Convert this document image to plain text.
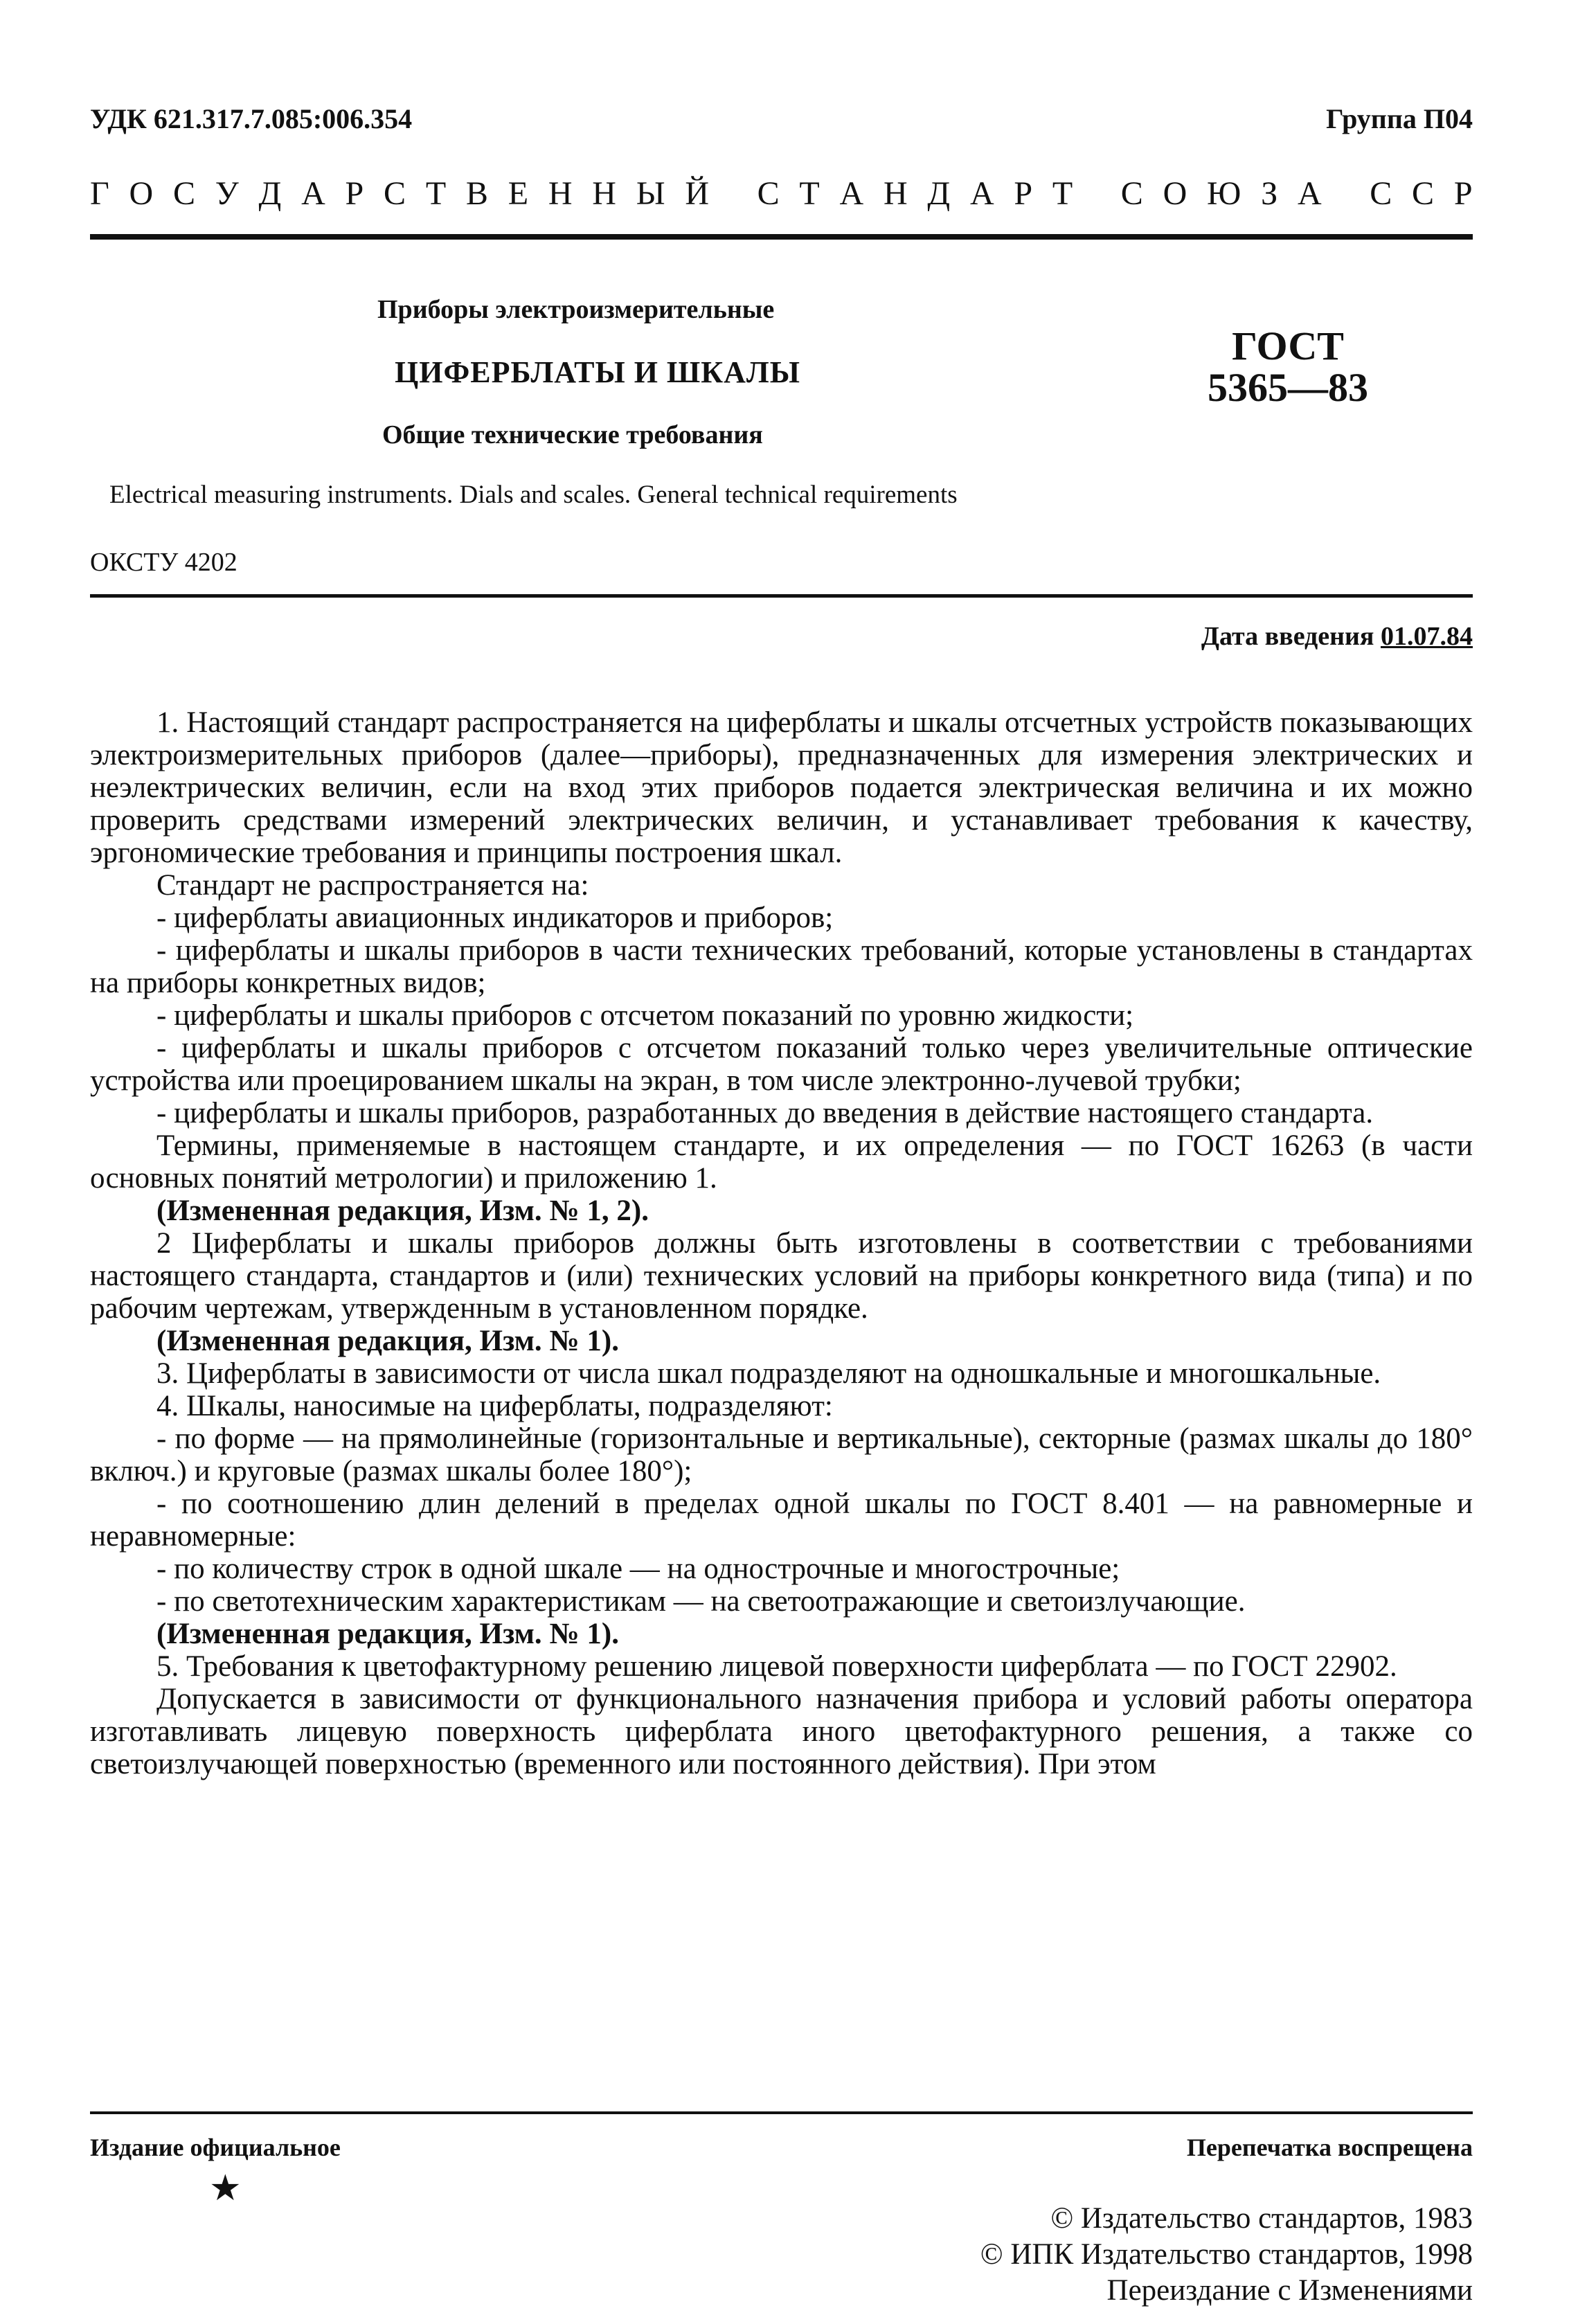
УДК 621.317.7.085:006.354	Группа П04
Г О С У Д А Р С Т В Е Н Н Ы Й
С Т А Н Д А Р Т
С О Ю З А
С С Р
Приборы электроизмерительные
ЦИФЕРБЛАТЫ И ШКАЛЫ
Общие технические требования
ГОСТ
5365—83
Electrical measuring instruments. Dials and scales. General technical requirements
ОКСТУ 4202
Дата введения 01.07.84

1. Настоящий стандарт распространяется на циферблаты и шкалы отсчетных устройств показывающих электроизмерительных приборов (далее—приборы), предназначенных для измерения электрических и неэлектрических величин, если на вход этих приборов подается электрическая величина и их можно проверить средствами измерений электрических величин, и устанавливает требования к качеству, эргономические требования и принципы построения шкал.

Стандарт не распространяется на:

- циферблаты авиационных индикаторов и приборов;

- циферблаты и шкалы приборов в части технических требований, которые установлены в стандартах на приборы конкретных видов;

- циферблаты и шкалы приборов с отсчетом показаний по уровню жидкости;

- циферблаты и шкалы приборов с отсчетом показаний только через увеличительные оптические устройства или проецированием шкалы на экран, в том числе электронно-лучевой трубки;

- циферблаты и шкалы приборов, разработанных до введения в действие настоящего стандарта.

Термины, применяемые в настоящем стандарте, и их определения — по ГОСТ 16263 (в части основных понятий метрологии) и приложению 1.

(Измененная редакция, Изм. № 1, 2).

2 Циферблаты и шкалы приборов должны быть изготовлены в соответствии с требованиями настоящего стандарта, стандартов и (или) технических условий на приборы конкретного вида (типа) и по рабочим чертежам, утвержденным в установленном порядке.

(Измененная редакция, Изм. № 1).

3. Циферблаты в зависимости от числа шкал подразделяют на одношкальные и многошкальные.

4. Шкалы, наносимые на циферблаты, подразделяют:

- по форме — на прямолинейные (горизонтальные и вертикальные), секторные (размах шкалы до 180° включ.) и круговые (размах шкалы более 180°);

- по соотношению длин делений в пределах одной шкалы по ГОСТ 8.401 — на равномерные и неравномерные:

- по количеству строк в одной шкале — на однострочные и многострочные;

- по светотехническим характеристикам — на светоотражающие и светоизлучающие.

(Измененная редакция, Изм. № 1).

5. Требования к цветофактурному решению лицевой поверхности циферблата — по ГОСТ 22902.

Допускается в зависимости от функционального назначения прибора и условий работы оператора изготавливать лицевую поверхность циферблата иного цветофактурного решения, а также со светоизлучающей поверхностью (временного или постоянного действия). При этом

Издание официальное	Перепечатка воспрещена
★
© Издательство стандартов, 1983
© ИПК Издательство стандартов, 1998
Переиздание с Изменениями
